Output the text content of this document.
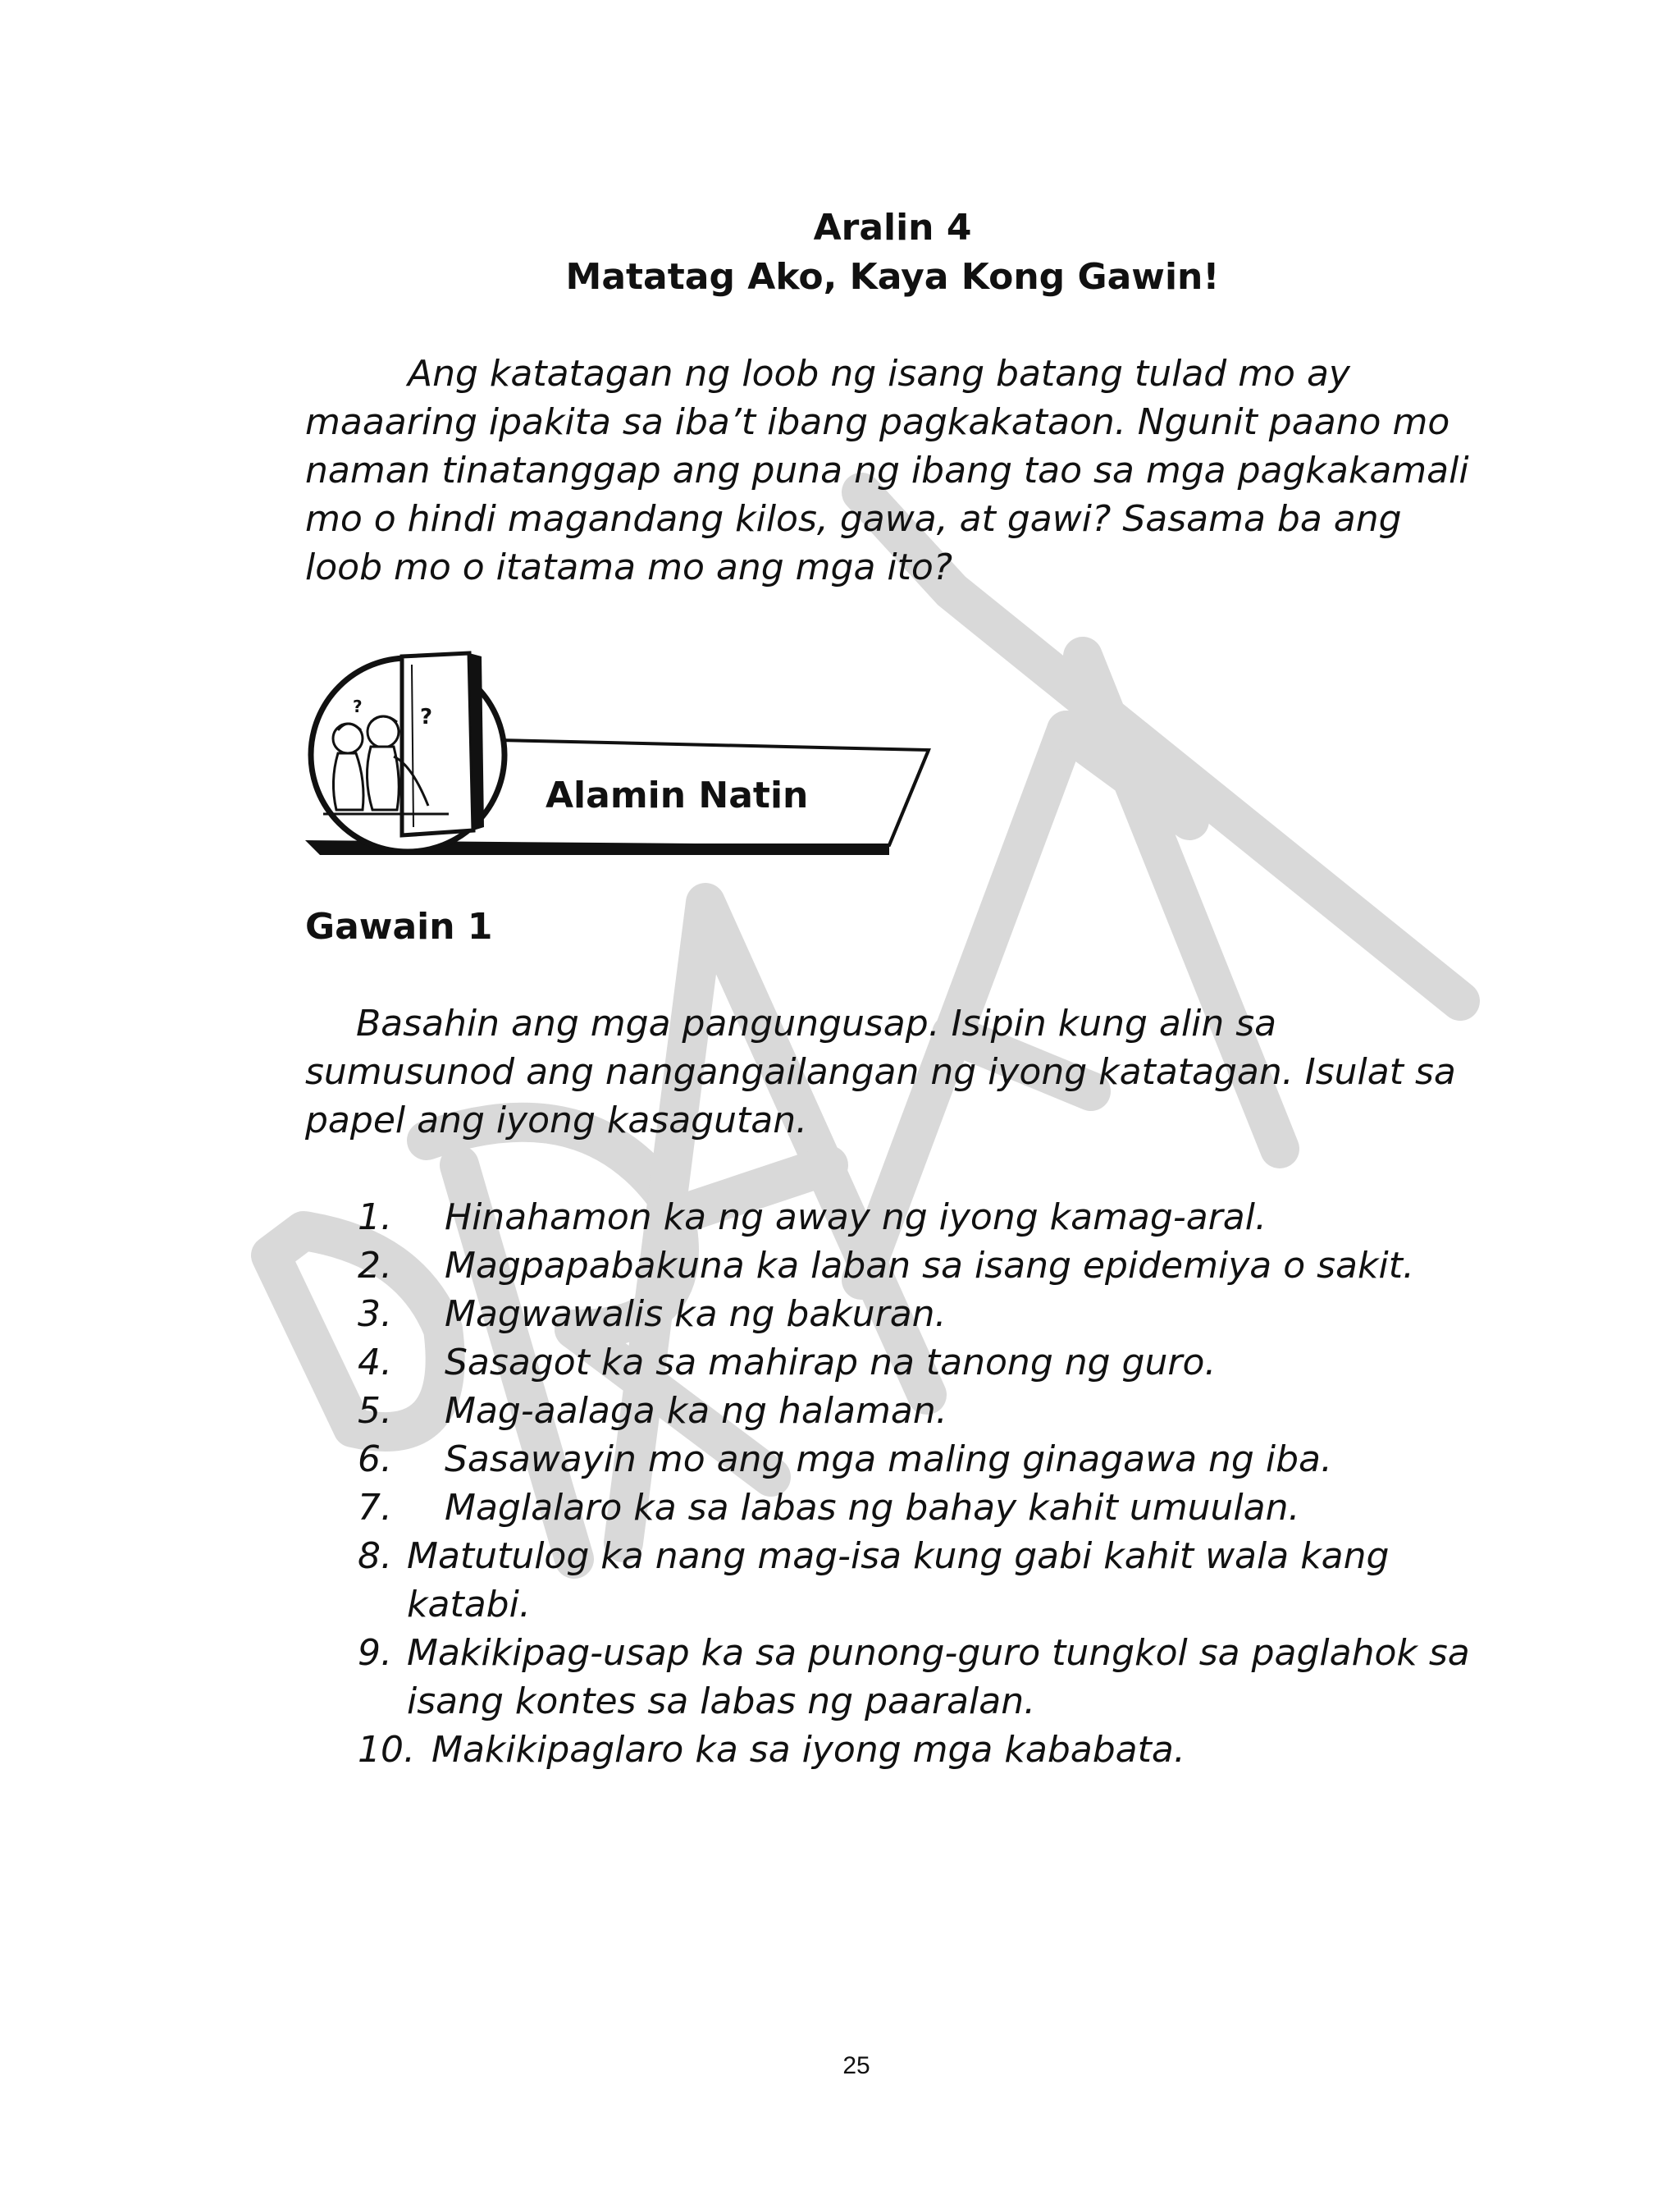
Aralin 4
Matatag Ako, Kaya Kong Gawin!

Ang katatagan ng loob ng isang batang tulad mo ay maaaring ipakita sa iba’t ibang pagkakataon. Ngunit paano mo naman tinatanggap ang puna ng ibang tao sa mga pagkakamali mo o hindi magandang kilos, gawa, at gawi? Sasama ba ang loob mo o itatama mo ang mga ito?

?
?
Alamin Natin
Gawain 1

Basahin ang mga pangungusap. Isipin kung alin sa sumusunod ang nangangailangan ng iyong katatagan. Isulat sa papel ang iyong kasagutan.

1. Hinahamon ka ng away ng iyong kamag-aral.
2. Magpapabakuna ka laban sa isang epidemiya o sakit.
3. Magwawalis ka ng bakuran.
4. Sasagot ka sa mahirap na tanong ng guro.
5. Mag-aalaga ka ng halaman.
6. Sasawayin mo ang mga maling ginagawa ng iba.
7. Maglalaro ka sa labas ng bahay kahit umuulan.
8. Matutulog ka nang mag-isa kung gabi kahit wala kang katabi.
9. Makikipag-usap ka sa punong-guro tungkol sa paglahok sa isang kontes sa labas ng paaralan.
10. Makikipaglaro ka sa iyong mga kababata.
25
